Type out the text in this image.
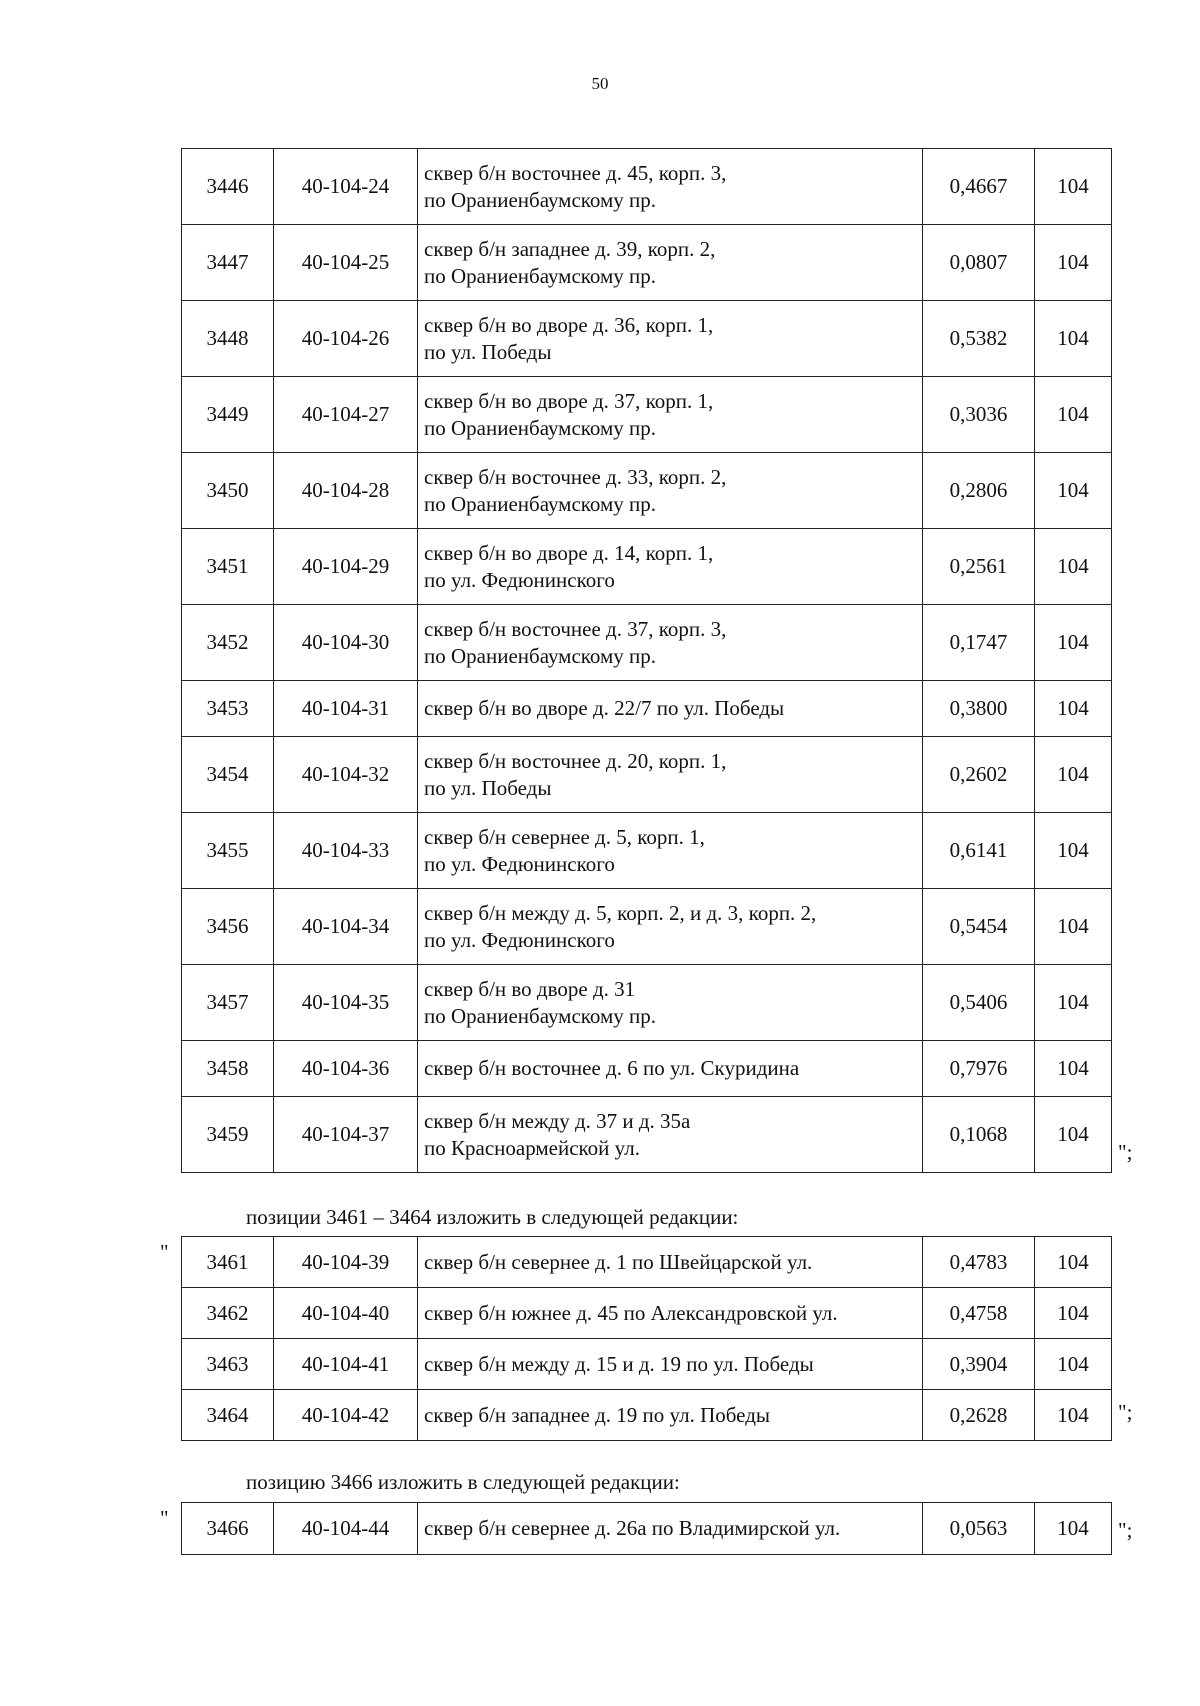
50
3446	40-104-24	сквер б/н восточнее д. 45, корп. 3,
по Ораниенбаумскому пр.	0,4667	104
3447	40-104-25	сквер б/н западнее д. 39, корп. 2,
по Ораниенбаумскому пр.	0,0807	104
3448	40-104-26	сквер б/н во дворе д. 36, корп. 1,
по ул. Победы	0,5382	104
3449	40-104-27	сквер б/н во дворе д. 37, корп. 1,
по Ораниенбаумскому пр.	0,3036	104
3450	40-104-28	сквер б/н восточнее д. 33, корп. 2,
по Ораниенбаумскому пр.	0,2806	104
3451	40-104-29	сквер б/н во дворе д. 14, корп. 1,
по ул. Федюнинского	0,2561	104
3452	40-104-30	сквер б/н восточнее д. 37, корп. 3,
по Ораниенбаумскому пр.	0,1747	104
3453	40-104-31	сквер б/н во дворе д. 22/7 по ул. Победы	0,3800	104
3454	40-104-32	сквер б/н восточнее д. 20, корп. 1,
по ул. Победы	0,2602	104
3455	40-104-33	сквер б/н севернее д. 5, корп. 1,
по ул. Федюнинского	0,6141	104
3456	40-104-34	сквер б/н между д. 5, корп. 2, и д. 3, корп. 2,
по ул. Федюнинского	0,5454	104
3457	40-104-35	сквер б/н во дворе д. 31
по Ораниенбаумскому пр.	0,5406	104
3458	40-104-36	сквер б/н восточнее д. 6 по ул. Скуридина	0,7976	104
3459	40-104-37	сквер б/н между д. 37 и д. 35а
по Красноармейской ул.	0,1068	104
";
позиции 3461 – 3464 изложить в следующей редакции:
" 3461	40-104-39	сквер б/н севернее д. 1 по Швейцарской ул.	0,4783	104
3462	40-104-40	сквер б/н южнее д. 45 по Александровской ул.	0,4758	104
3463	40-104-41	сквер б/н между д. 15 и д. 19 по ул. Победы	0,3904	104
3464	40-104-42	сквер б/н западнее д. 19 по ул. Победы	0,2628	104 ";
позицию 3466 изложить в следующей редакции:
" 3466	40-104-44	сквер б/н севернее д. 26а по Владимирской ул.	0,0563	104 ";
